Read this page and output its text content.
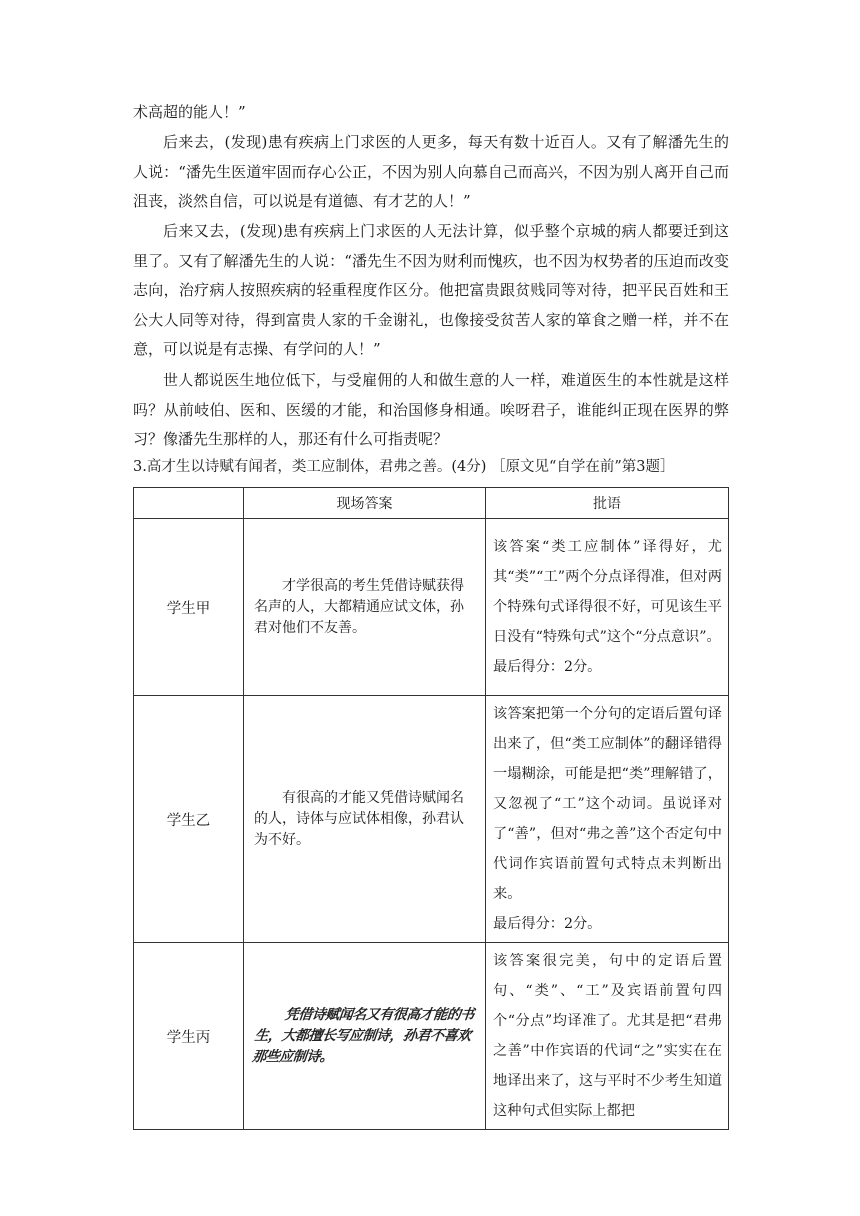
术高超的能人！”

后来去，(发现)患有疾病上门求医的人更多，每天有数十近百人。又有了解潘先生的人说：“潘先生医道牢固而存心公正，不因为别人向慕自己而高兴，不因为别人离开自己而沮丧，淡然自信，可以说是有道德、有才艺的人！”

后来又去，(发现)患有疾病上门求医的人无法计算，似乎整个京城的病人都要迁到这里了。又有了解潘先生的人说：“潘先生不因为财利而愧疚，也不因为权势者的压迫而改变志向，治疗病人按照疾病的轻重程度作区分。他把富贵跟贫贱同等对待，把平民百姓和王公大人同等对待，得到富贵人家的千金谢礼，也像接受贫苦人家的箪食之赠一样，并不在意，可以说是有志操、有学问的人！”

世人都说医生地位低下，与受雇佣的人和做生意的人一样，难道医生的本性就是这样吗？从前岐伯、医和、医缓的才能，和治国修身相通。唉呀君子，谁能纠正现在医界的弊习？像潘先生那样的人，那还有什么可指责呢？

3.高才生以诗赋有闻者，类工应制体，君弗之善。(4分) ［原文见“自学在前”第3题］

	现场答案	批语
学生甲	才学很高的考生凭借诗赋获得名声的人，大都精通应试文体，孙君对他们不友善。	该答案“类工应制体”译得好，尤其“类”“工”两个分点译得准，但对两个特殊句式译得很不好，可见该生平日没有“特殊句式”这个“分点意识”。
最后得分：2分。

学生乙	有很高的才能又凭借诗赋闻名的人，诗体与应试体相像，孙君认为不好。	该答案把第一个分句的定语后置句译出来了，但“类工应制体”的翻译错得一塌糊涂，可能是把“类”理解错了，又忽视了“工”这个动词。虽说译对了“善”，但对“弗之善”这个否定句中代词作宾语前置句式特点未判断出来。
最后得分：2分。

学生丙	凭借诗赋闻名又有很高才能的书生，大都擅长写应制诗，孙君不喜欢那些应制诗。	该答案很完美，句中的定语后置句、“类”、“工”及宾语前置句四个“分点”均译准了。尤其是把“君弗之善”中作宾语的代词“之”实实在在地译出来了，这与平时不少考生知道这种句式但实际上都把
